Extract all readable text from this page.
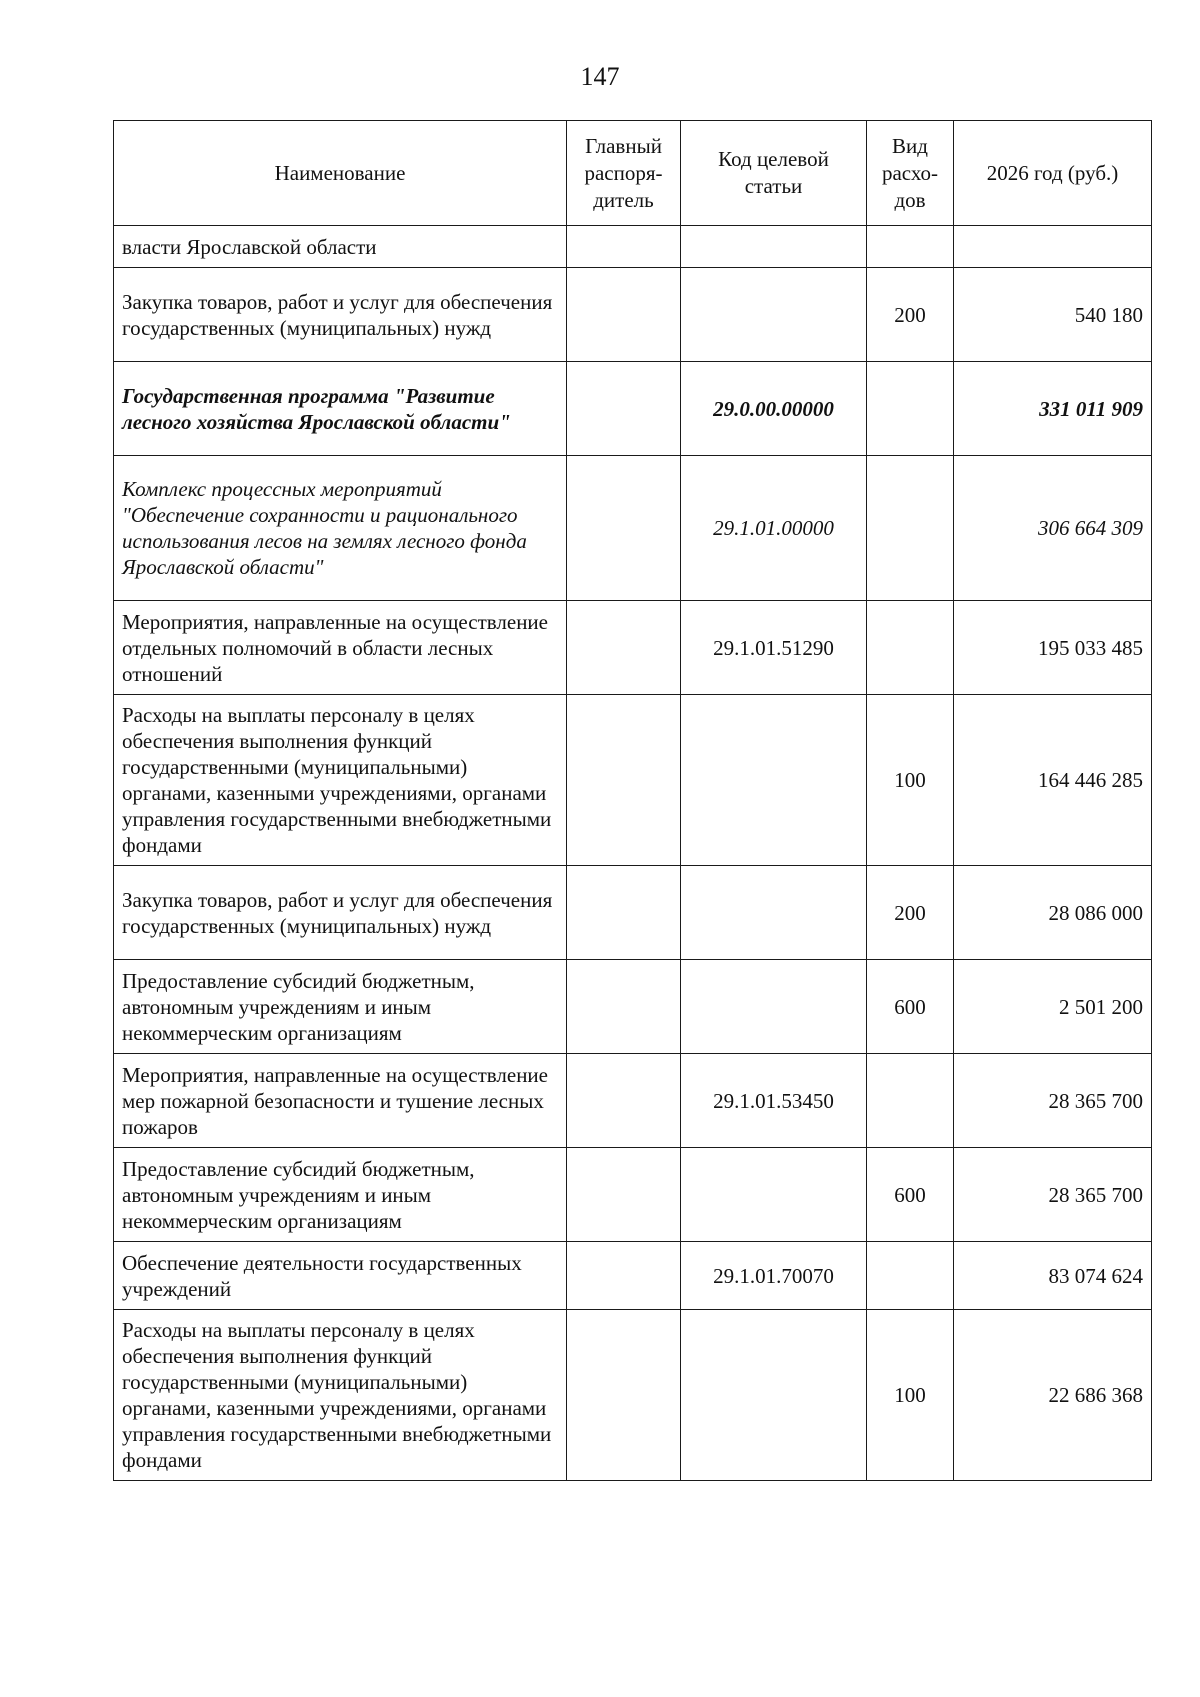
147
Наименование	Главный распоря- дитель	Код целевой статьи	Вид расхо- дов	2026 год (руб.)
власти Ярославской области				
Закупка товаров, работ и услуг для обеспечения государственных (муниципальных) нужд			200	540 180
Государственная программа "Развитие лесного хозяйства Ярославской области"		29.0.00.00000		331 011 909
Комплекс процессных мероприятий "Обеспечение сохранности и рационального использования лесов на землях лесного фонда Ярославской области"		29.1.01.00000		306 664 309
Мероприятия, направленные на осуществление отдельных полномочий в области лесных отношений		29.1.01.51290		195 033 485
Расходы на выплаты персоналу в целях обеспечения выполнения функций государственными (муниципальными) органами, казенными учреждениями, органами управления государственными внебюджетными фондами			100	164 446 285
Закупка товаров, работ и услуг для обеспечения государственных (муниципальных) нужд			200	28 086 000
Предоставление субсидий бюджетным, автономным учреждениям и иным некоммерческим организациям			600	2 501 200
Мероприятия, направленные на осуществление мер пожарной безопасности и тушение лесных пожаров		29.1.01.53450		28 365 700
Предоставление субсидий бюджетным, автономным учреждениям и иным некоммерческим организациям			600	28 365 700
Обеспечение деятельности государственных учреждений		29.1.01.70070		83 074 624
Расходы на выплаты персоналу в целях обеспечения выполнения функций государственными (муниципальными) органами, казенными учреждениями, органами управления государственными внебюджетными фондами			100	22 686 368
